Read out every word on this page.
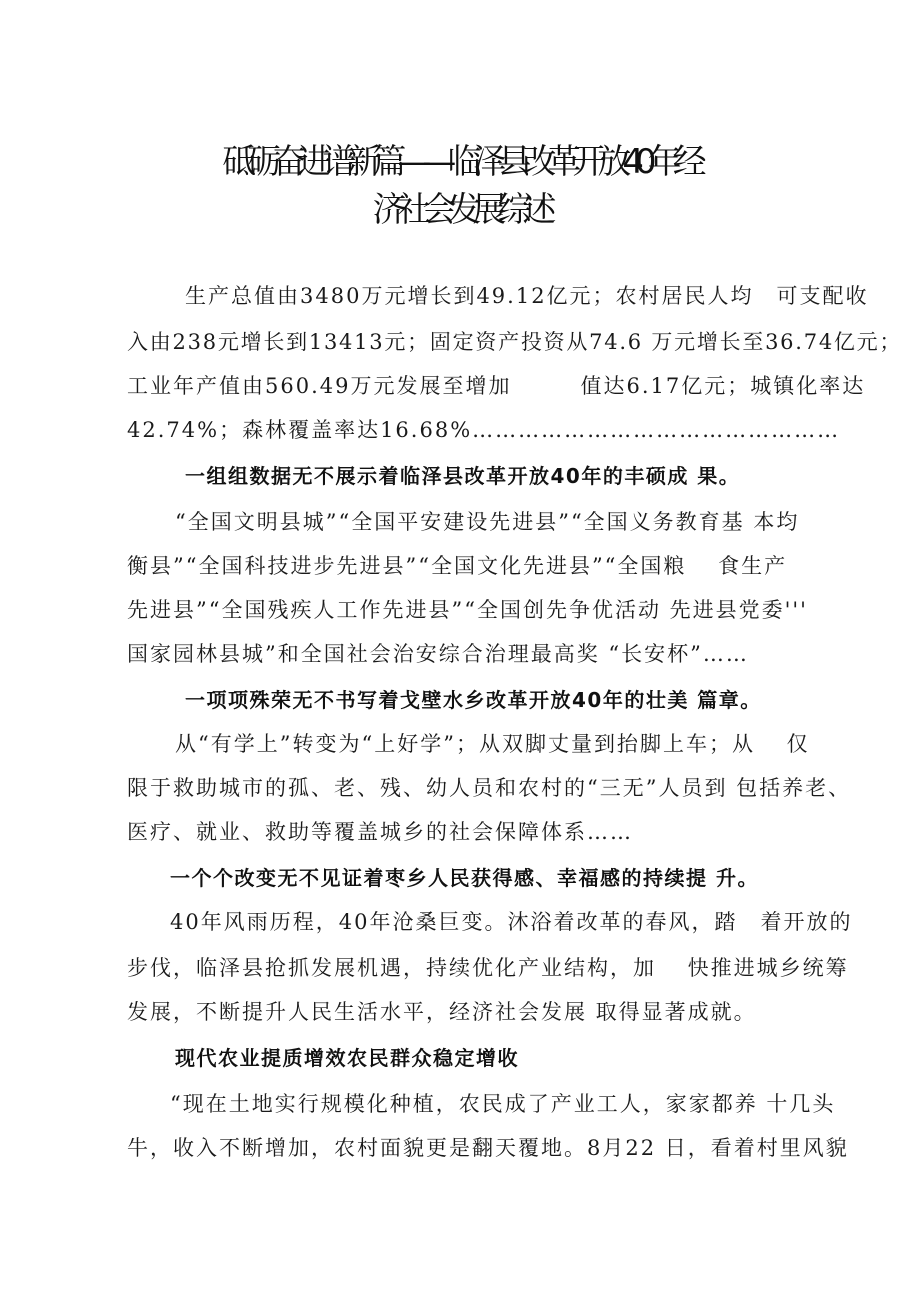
砥砺奋进谱新篇——临泽县改革开放40年经
济社会发展综述
生产总值由3480万元增长到49.12亿元；农村居民人均　可支配收
入由238元增长到13413元；固定资产投资从74.6 万元增长至36.74亿元；
工业年产值由560.49万元发展至增加　　　值达6.17亿元；城镇化率达
42.74%；森林覆盖率达16.68%…………………………………………
一组组数据无不展示着临泽县改革开放40年的丰硕成 果。
“全国文明县城”“全国平安建设先进县”“全国义务教育基 本均
衡县”“全国科技进步先进县”“全国文化先进县”“全国粮　 食生产
先进县”“全国残疾人工作先进县”“全国创先争优活动 先进县党委'''
国家园林县城”和全国社会治安综合治理最高奖 “长安杯”……
一项项殊荣无不书写着戈壁水乡改革开放40年的壮美 篇章。
从“有学上”转变为“上好学”；从双脚丈量到抬脚上车；从　 仅
限于救助城市的孤、老、残、幼人员和农村的“三无”人员到 包括养老、
医疗、就业、救助等覆盖城乡的社会保障体系……
一个个改变无不见证着枣乡人民获得感、幸福感的持续提 升。
40年风雨历程，40年沧桑巨变。沐浴着改革的春风，踏　着开放的
步伐，临泽县抢抓发展机遇，持续优化产业结构，加　 快推进城乡统筹
发展，不断提升人民生活水平，经济社会发展 取得显著成就。
现代农业提质增效农民群众稳定增收
“现在土地实行规模化种植，农民成了产业工人，家家都养 十几头
牛，收入不断增加，农村面貌更是翻天覆地。8月22 日，看着村里风貌
